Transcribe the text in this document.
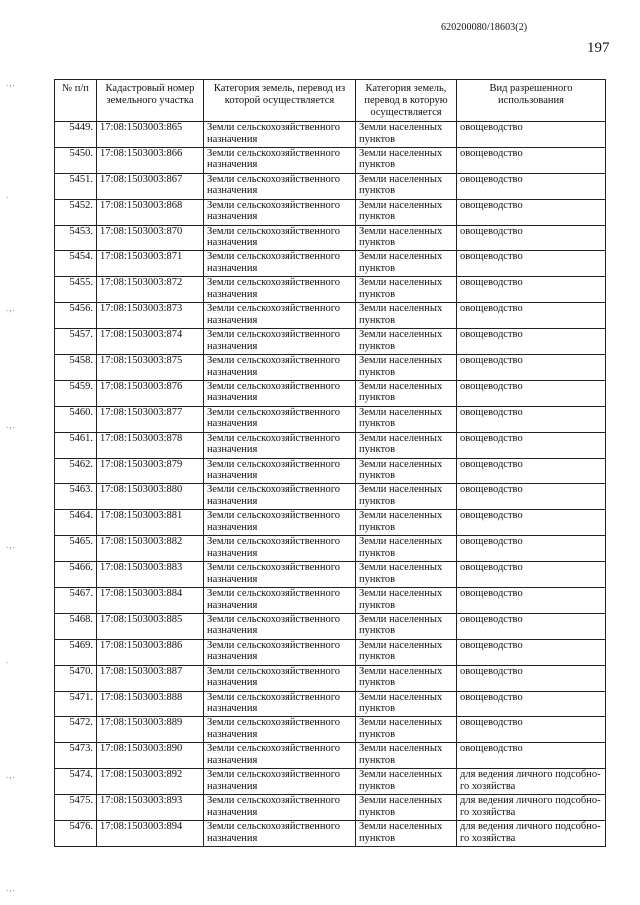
620200080/18603(2)
197
.,.
.
.,.
.,.
.,.
.
.,.
.,.
№ п/п	Кадастровый номер земельного участка	Категория земель, перевод из которой осуществляется	Категория земель, перевод в которую осуществляется	Вид разрешенного использования
5449.	17:08:1503003:865	Земли сельскохозяйственного
назначения	Земли населенных
пунктов	овощеводство

5450.	17:08:1503003:866	Земли сельскохозяйственного
назначения	Земли населенных
пунктов	овощеводство

5451.	17:08:1503003:867	Земли сельскохозяйственного
назначения	Земли населенных
пунктов	овощеводство

5452.	17:08:1503003:868	Земли сельскохозяйственного
назначения	Земли населенных
пунктов	овощеводство

5453.	17:08:1503003:870	Земли сельскохозяйственного
назначения	Земли населенных
пунктов	овощеводство

5454.	17:08:1503003:871	Земли сельскохозяйственного
назначения	Земли населенных
пунктов	овощеводство

5455.	17:08:1503003:872	Земли сельскохозяйственного
назначения	Земли населенных
пунктов	овощеводство

5456.	17:08:1503003:873	Земли сельскохозяйственного
назначения	Земли населенных
пунктов	овощеводство

5457.	17:08:1503003:874	Земли сельскохозяйственного
назначения	Земли населенных
пунктов	овощеводство

5458.	17:08:1503003:875	Земли сельскохозяйственного
назначения	Земли населенных
пунктов	овощеводство

5459.	17:08:1503003:876	Земли сельскохозяйственного
назначения	Земли населенных
пунктов	овощеводство

5460.	17:08:1503003:877	Земли сельскохозяйственного
назначения	Земли населенных
пунктов	овощеводство

5461.	17:08:1503003:878	Земли сельскохозяйственного
назначения	Земли населенных
пунктов	овощеводство

5462.	17:08:1503003:879	Земли сельскохозяйственного
назначения	Земли населенных
пунктов	овощеводство

5463.	17:08:1503003:880	Земли сельскохозяйственного
назначения	Земли населенных
пунктов	овощеводство

5464.	17:08:1503003:881	Земли сельскохозяйственного
назначения	Земли населенных
пунктов	овощеводство

5465.	17:08:1503003:882	Земли сельскохозяйственного
назначения	Земли населенных
пунктов	овощеводство

5466.	17:08:1503003:883	Земли сельскохозяйственного
назначения	Земли населенных
пунктов	овощеводство

5467.	17:08:1503003:884	Земли сельскохозяйственного
назначения	Земли населенных
пунктов	овощеводство

5468.	17:08:1503003:885	Земли сельскохозяйственного
назначения	Земли населенных
пунктов	овощеводство

5469.	17:08:1503003:886	Земли сельскохозяйственного
назначения	Земли населенных
пунктов	овощеводство

5470.	17:08:1503003:887	Земли сельскохозяйственного
назначения	Земли населенных
пунктов	овощеводство

5471.	17:08:1503003:888	Земли сельскохозяйственного
назначения	Земли населенных
пунктов	овощеводство

5472.	17:08:1503003:889	Земли сельскохозяйственного
назначения	Земли населенных
пунктов	овощеводство

5473.	17:08:1503003:890	Земли сельскохозяйственного
назначения	Земли населенных
пунктов	овощеводство

5474.	17:08:1503003:892	Земли сельскохозяйственного
назначения	Земли населенных
пунктов	для ведения личного подсобно-
го хозяйства

5475.	17:08:1503003:893	Земли сельскохозяйственного
назначения	Земли населенных
пунктов	для ведения личного подсобно-
го хозяйства

5476.	17:08:1503003:894	Земли сельскохозяйственного
назначения	Земли населенных
пунктов	для ведения личного подсобно-
го хозяйства
